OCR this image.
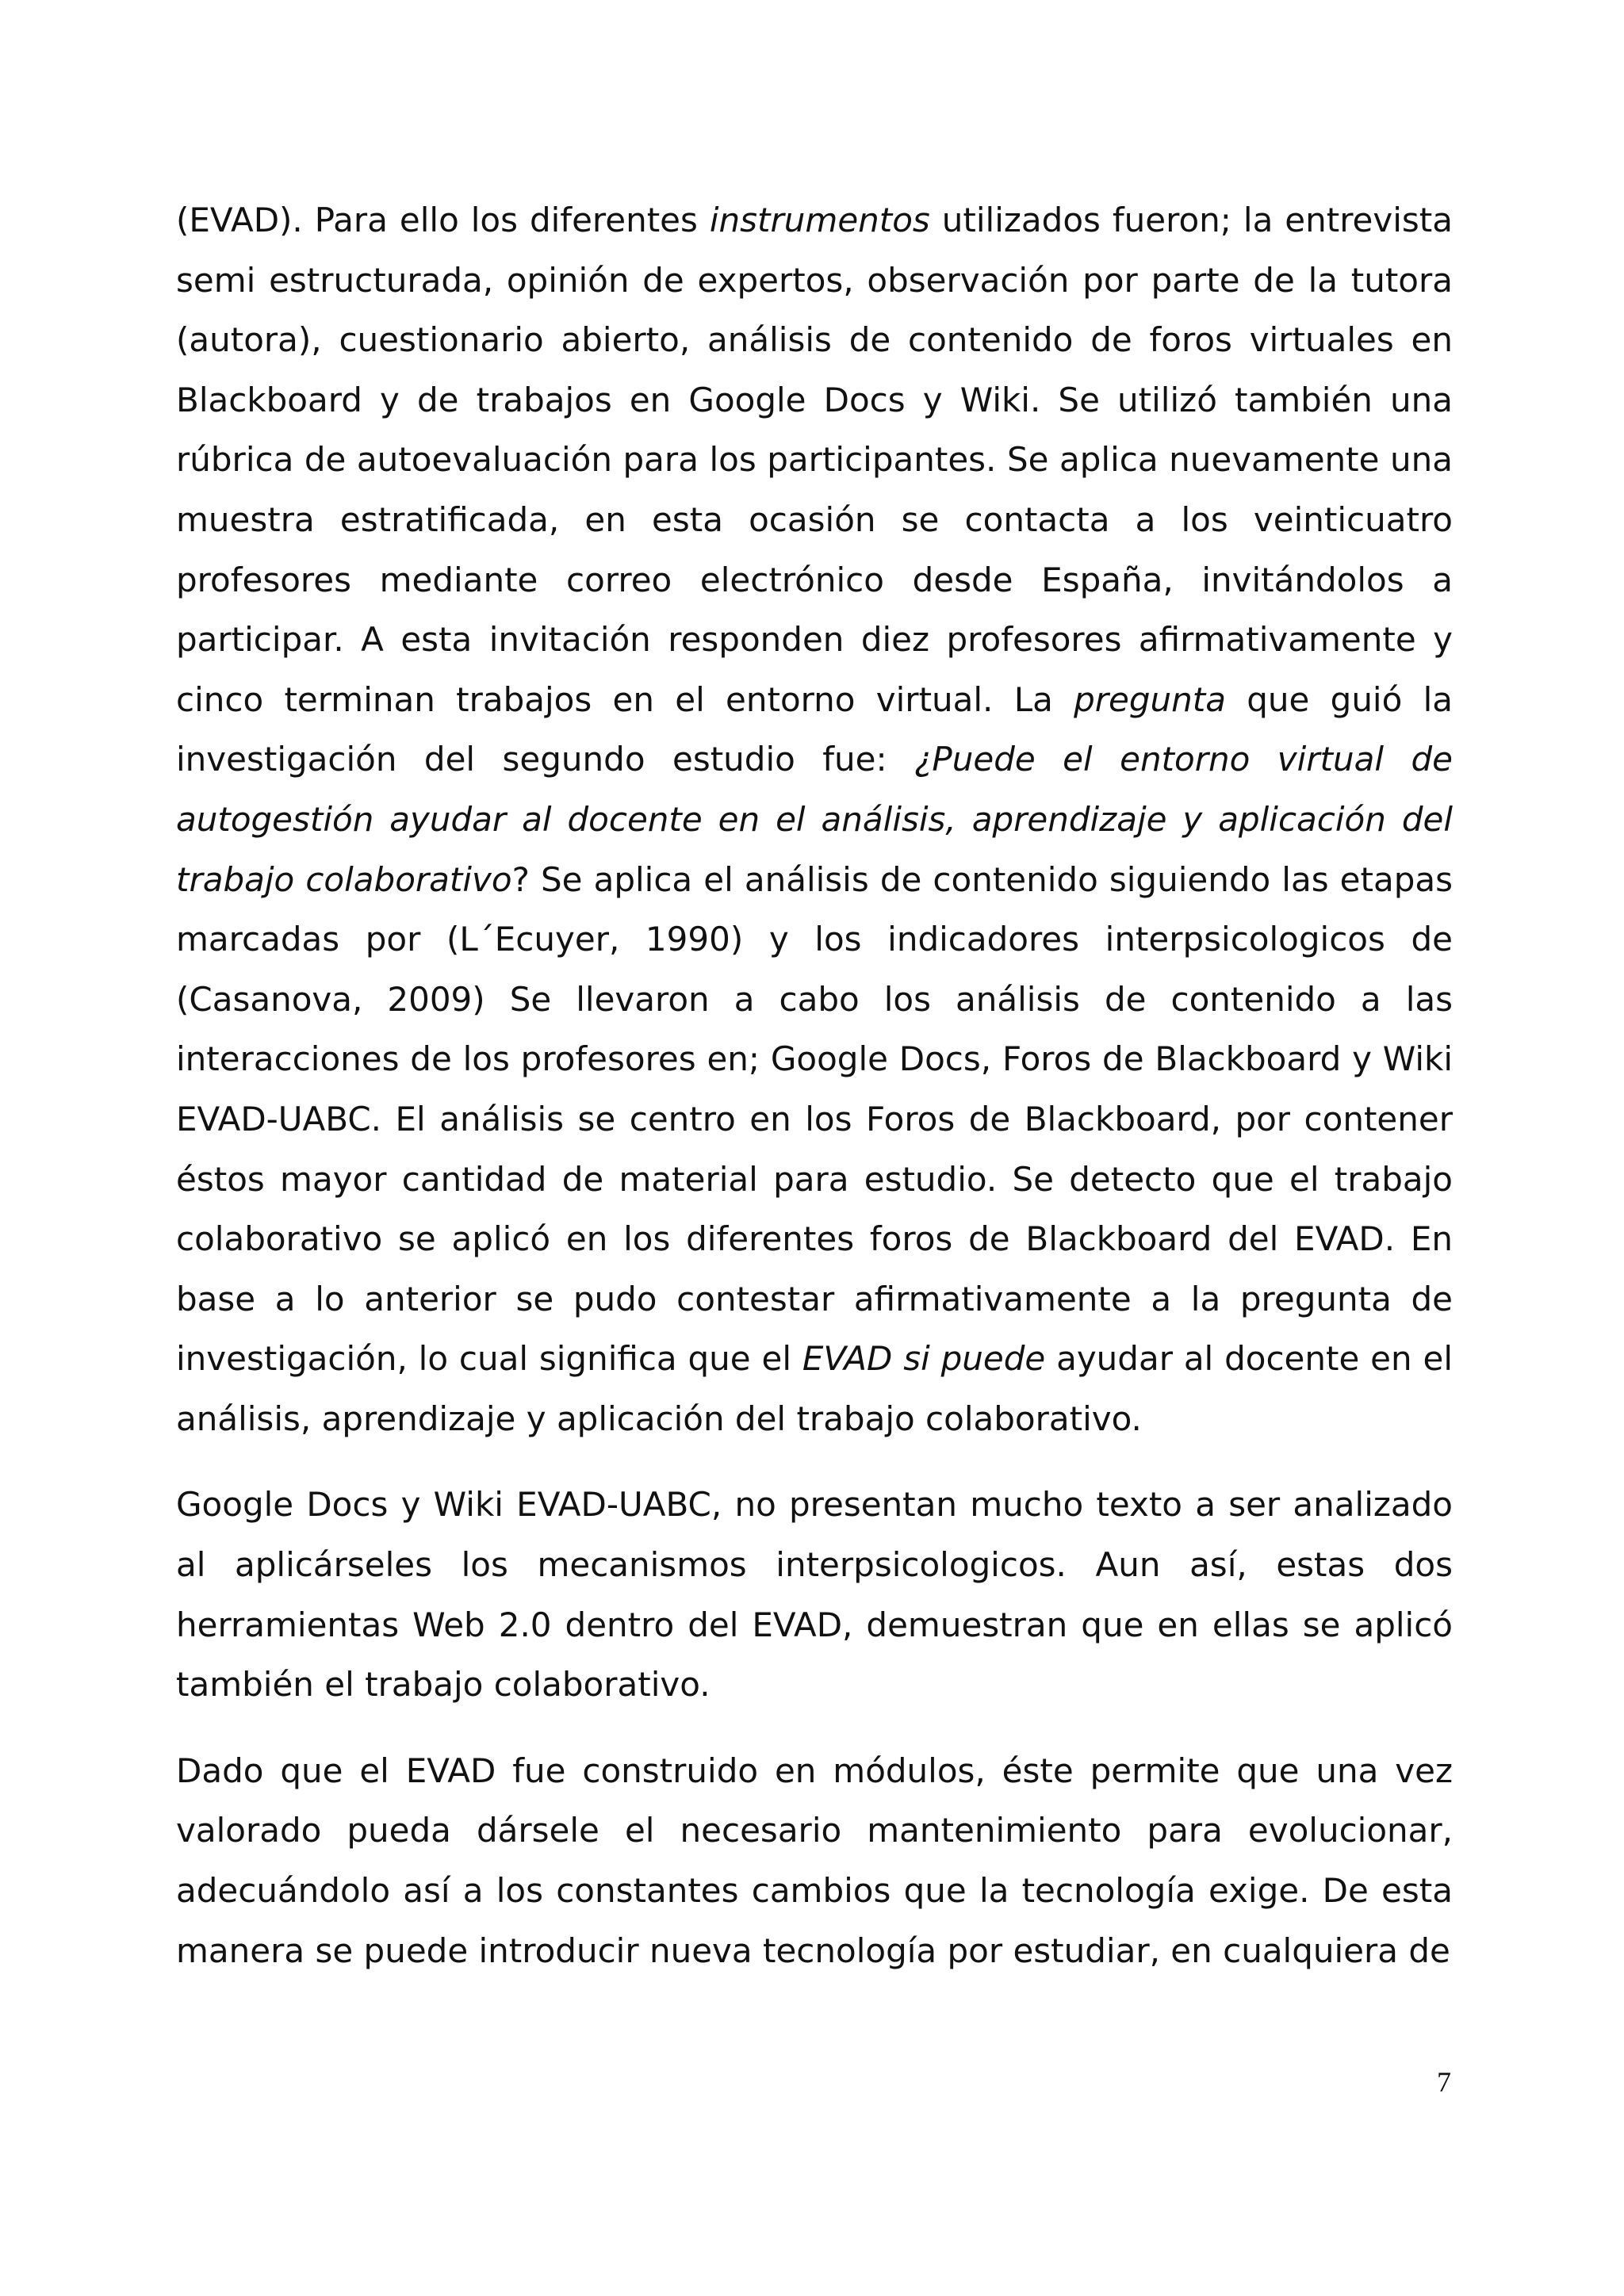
(EVAD). Para ello los diferentes instrumentos utilizados fueron; la entrevista semi estructurada, opinión de expertos, observación por parte de la tutora (autora), cuestionario abierto, análisis de contenido de foros virtuales en Blackboard y de trabajos en Google Docs y Wiki. Se utilizó también una rúbrica de autoevaluación para los participantes. Se aplica nuevamente una muestra estratificada, en esta ocasión se contacta a los veinticuatro profesores mediante correo electrónico desde España, invitándolos a participar. A esta invitación responden diez profesores afirmativamente y cinco terminan trabajos en el entorno virtual. La pregunta que guió la investigación del segundo estudio fue: ¿Puede el entorno virtual de autogestión ayudar al docente en el análisis, aprendizaje y aplicación del trabajo colaborativo? Se aplica el análisis de contenido siguiendo las etapas marcadas por (L´Ecuyer, 1990) y los indicadores interpsicologicos de (Casanova, 2009) Se llevaron a cabo los análisis de contenido a las interacciones de los profesores en; Google Docs, Foros de Blackboard y Wiki EVAD-UABC. El análisis se centro en los Foros de Blackboard, por contener éstos mayor cantidad de material para estudio. Se detecto que el trabajo colaborativo se aplicó en los diferentes foros de Blackboard del EVAD. En base a lo anterior se pudo contestar afirmativamente a la pregunta de investigación, lo cual significa que el EVAD si puede ayudar al docente en el análisis, aprendizaje y aplicación del trabajo colaborativo.

Google Docs y Wiki EVAD-UABC, no presentan mucho texto a ser analizado al aplicárseles los mecanismos interpsicologicos. Aun así, estas dos herramientas Web 2.0 dentro del EVAD, demuestran que en ellas se aplicó también el trabajo colaborativo.

Dado que el EVAD fue construido en módulos, éste permite que una vez valorado pueda dársele el necesario mantenimiento para evolucionar, adecuándolo así a los constantes cambios que la tecnología exige. De esta manera se puede introducir nueva tecnología por estudiar, en cualquiera de

7
